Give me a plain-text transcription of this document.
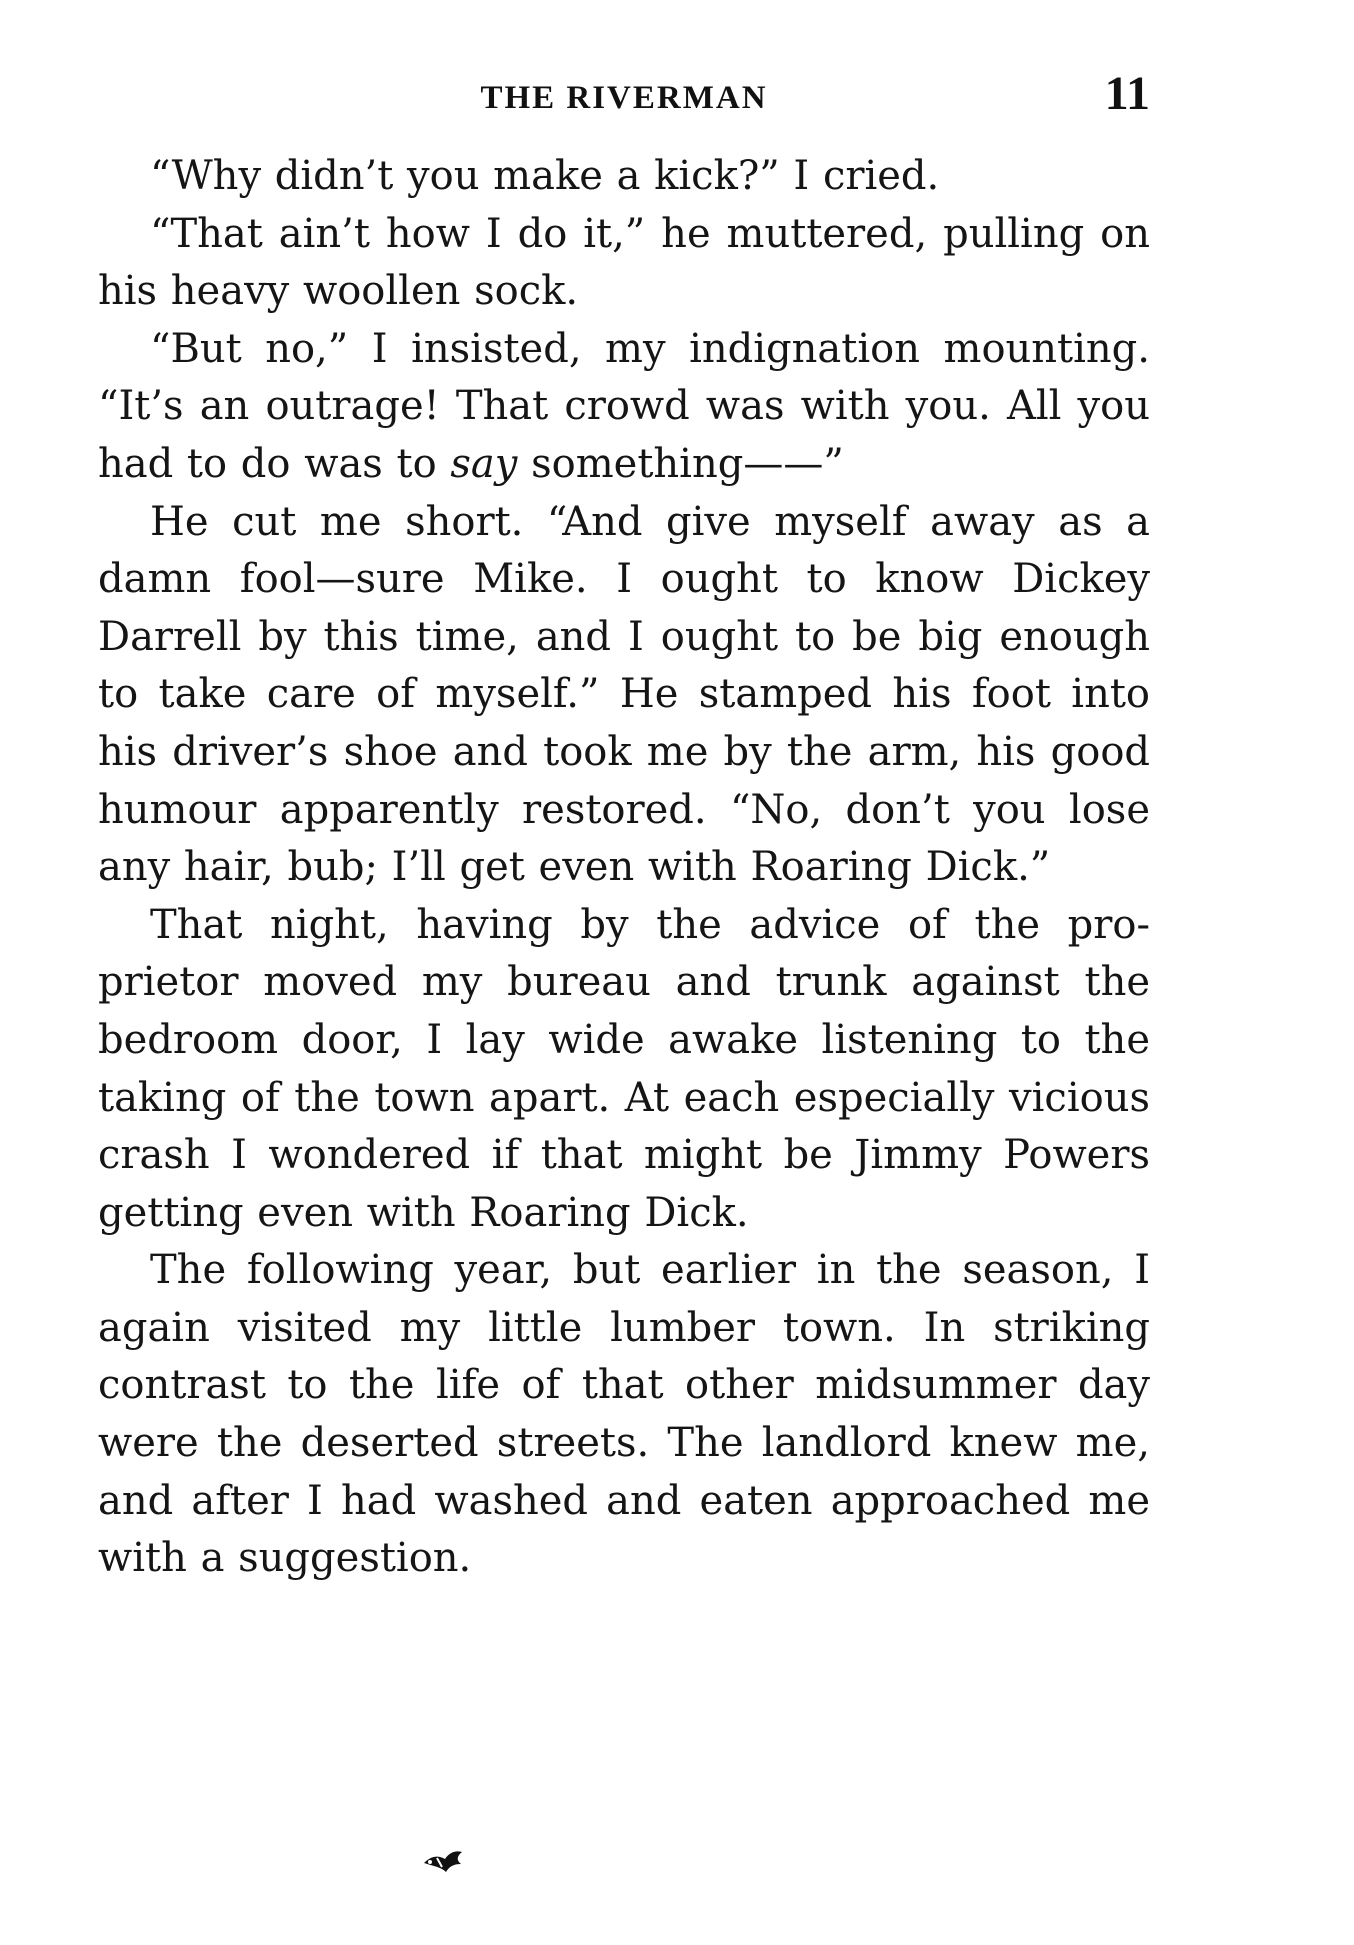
THE RIVERMAN	11

“Why didn’t you make a kick?” I cried.

“That ain’t how I do it,” he muttered, pulling on his heavy woollen sock.

“But no,” I insisted, my indignation mounting. “It’s an outrage! That crowd was with you. All you had to do was to say something——”

He cut me short. “And give myself away as a damn fool—sure Mike. I ought to know Dickey Darrell by this time, and I ought to be big enough to take care of myself.” He stamped his foot into his driver’s shoe and took me by the arm, his good humour apparently restored. “No, don’t you lose any hair, bub; I’ll get even with Roaring Dick.”

That night, having by the advice of the proprietor moved my bureau and trunk against the bedroom door, I lay wide awake listening to the taking of the town apart. At each especially vicious crash I wondered if that might be Jimmy Powers getting even with Roaring Dick.

The following year, but earlier in the season, I again visited my little lumber town. In striking contrast to the life of that other midsummer day were the deserted streets. The landlord knew me, and after I had washed and eaten approached me with a suggestion.
